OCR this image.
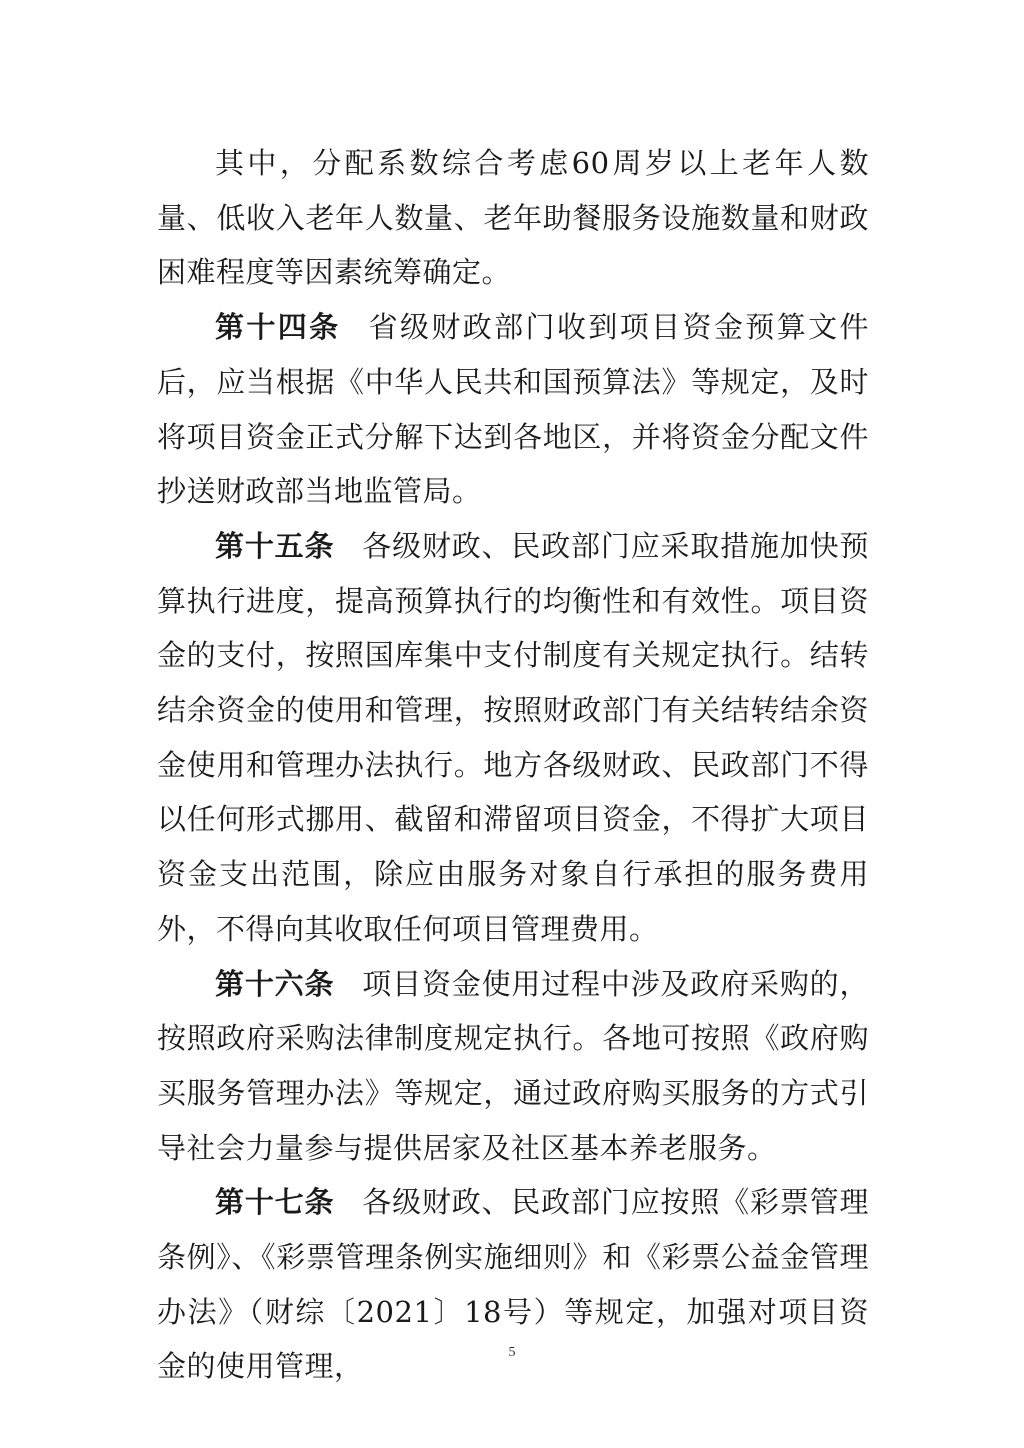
其中，分配系数综合考虑60周岁以上老年人数量、低收入老年人数量、老年助餐服务设施数量和财政困难程度等因素统筹确定。

第十四条 省级财政部门收到项目资金预算文件后，应当根据《中华人民共和国预算法》等规定，及时将项目资金正式分解下达到各地区，并将资金分配文件抄送财政部当地监管局。

第十五条 各级财政、民政部门应采取措施加快预算执行进度，提高预算执行的均衡性和有效性。项目资金的支付，按照国库集中支付制度有关规定执行。结转结余资金的使用和管理，按照财政部门有关结转结余资金使用和管理办法执行。地方各级财政、民政部门不得以任何形式挪用、截留和滞留项目资金，不得扩大项目资金支出范围，除应由服务对象自行承担的服务费用外，不得向其收取任何项目管理费用。

第十六条 项目资金使用过程中涉及政府采购的，按照政府采购法律制度规定执行。各地可按照《政府购买服务管理办法》等规定，通过政府购买服务的方式引导社会力量参与提供居家及社区基本养老服务。

第十七条 各级财政、民政部门应按照《彩票管理条例》、《彩票管理条例实施细则》和《彩票公益金管理办法》（财综〔2021〕18号）等规定，加强对项目资金的使用管理，	5
